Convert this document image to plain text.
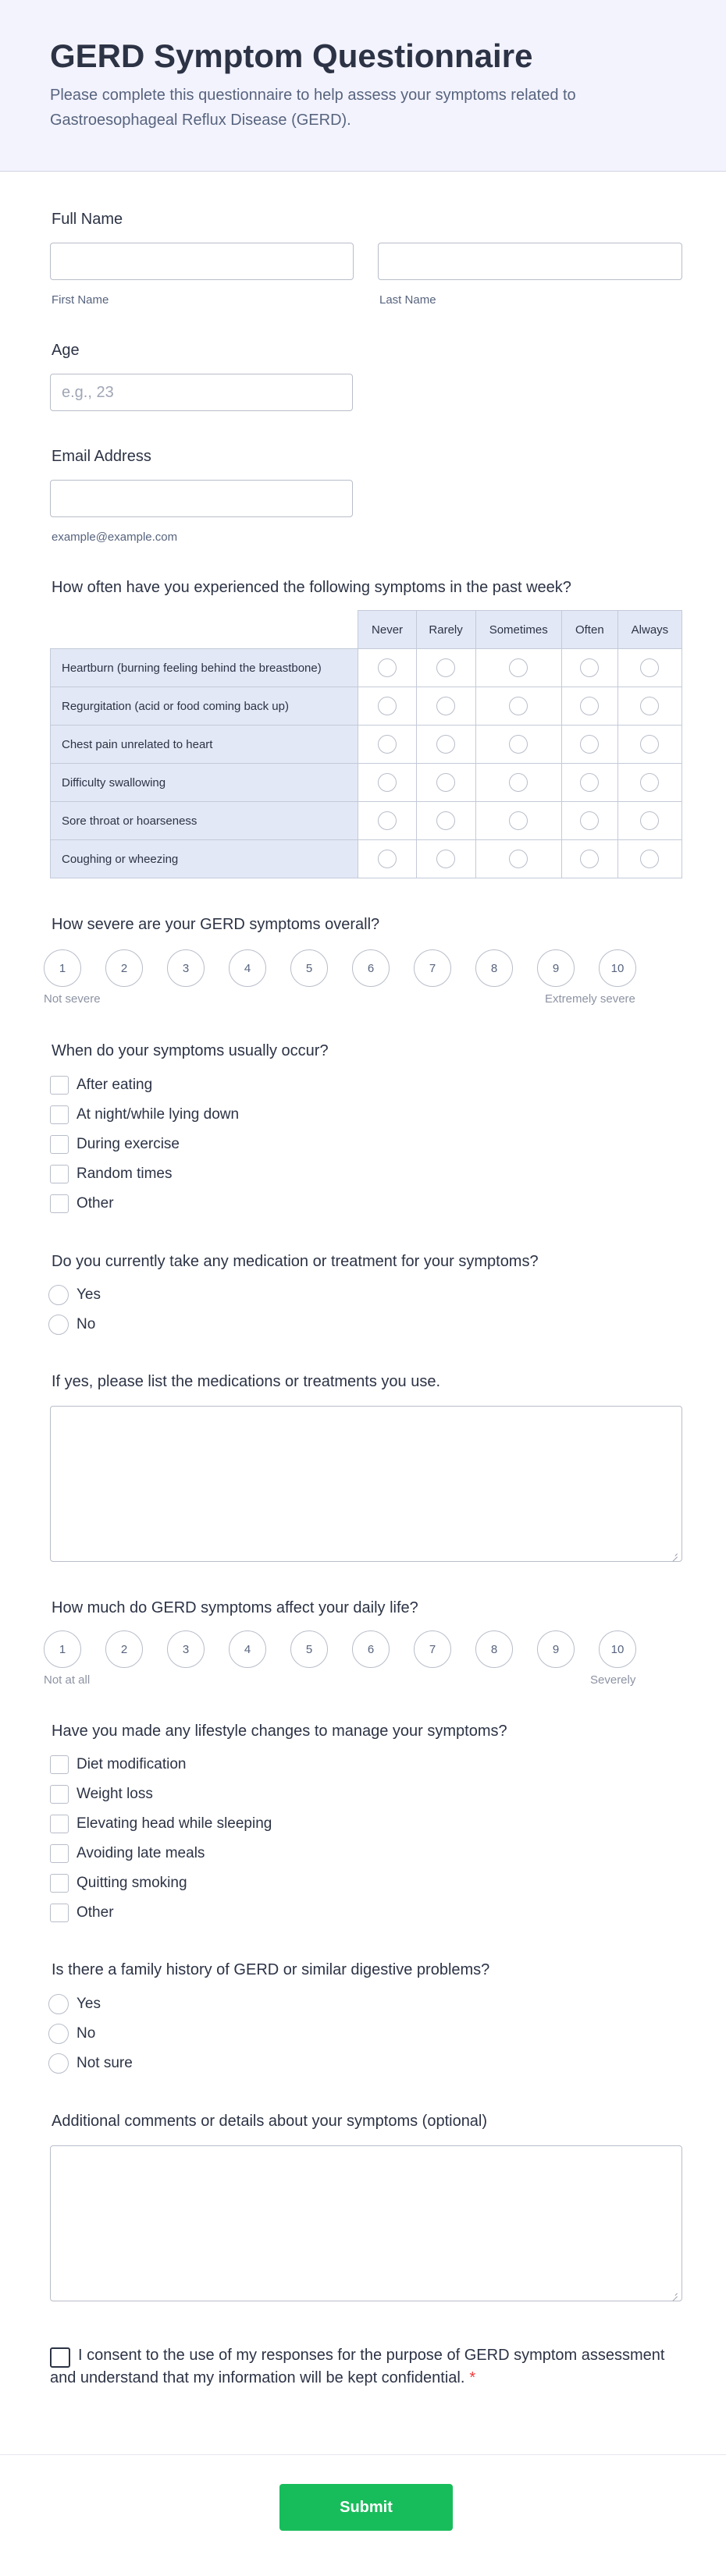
GERD Symptom Questionnaire

Please complete this questionnaire to help assess your symptoms related to Gastroesophageal Reflux Disease (GERD).

Full Name
First Name	Last Name
Age
e.g., 23
Email Address
example@example.com
How often have you experienced the following symptoms in the past week?
	Never	Rarely	Sometimes	Often	Always
Heartburn (burning feeling behind the breastbone)					
Regurgitation (acid or food coming back up)					
Chest pain unrelated to heart					
Difficulty swallowing					
Sore throat or hoarseness					
Coughing or wheezing					
How severe are your GERD symptoms overall?
1	2	3	4	5	6	7	8	9	10
Not severe	Extremely severe
When do your symptoms usually occur?
After eating
At night/while lying down
During exercise
Random times
Other
Do you currently take any medication or treatment for your symptoms?
Yes
No
If yes, please list the medications or treatments you use.
How much do GERD symptoms affect your daily life?
1	2	3	4	5	6	7	8	9	10
Not at all	Severely
Have you made any lifestyle changes to manage your symptoms?
Diet modification
Weight loss
Elevating head while sleeping
Avoiding late meals
Quitting smoking
Other
Is there a family history of GERD or similar digestive problems?
Yes
No
Not sure
Additional comments or details about your symptoms (optional)
I consent to the use of my responses for the purpose of GERD symptom assessment and understand that my information will be kept confidential. *
Submit
